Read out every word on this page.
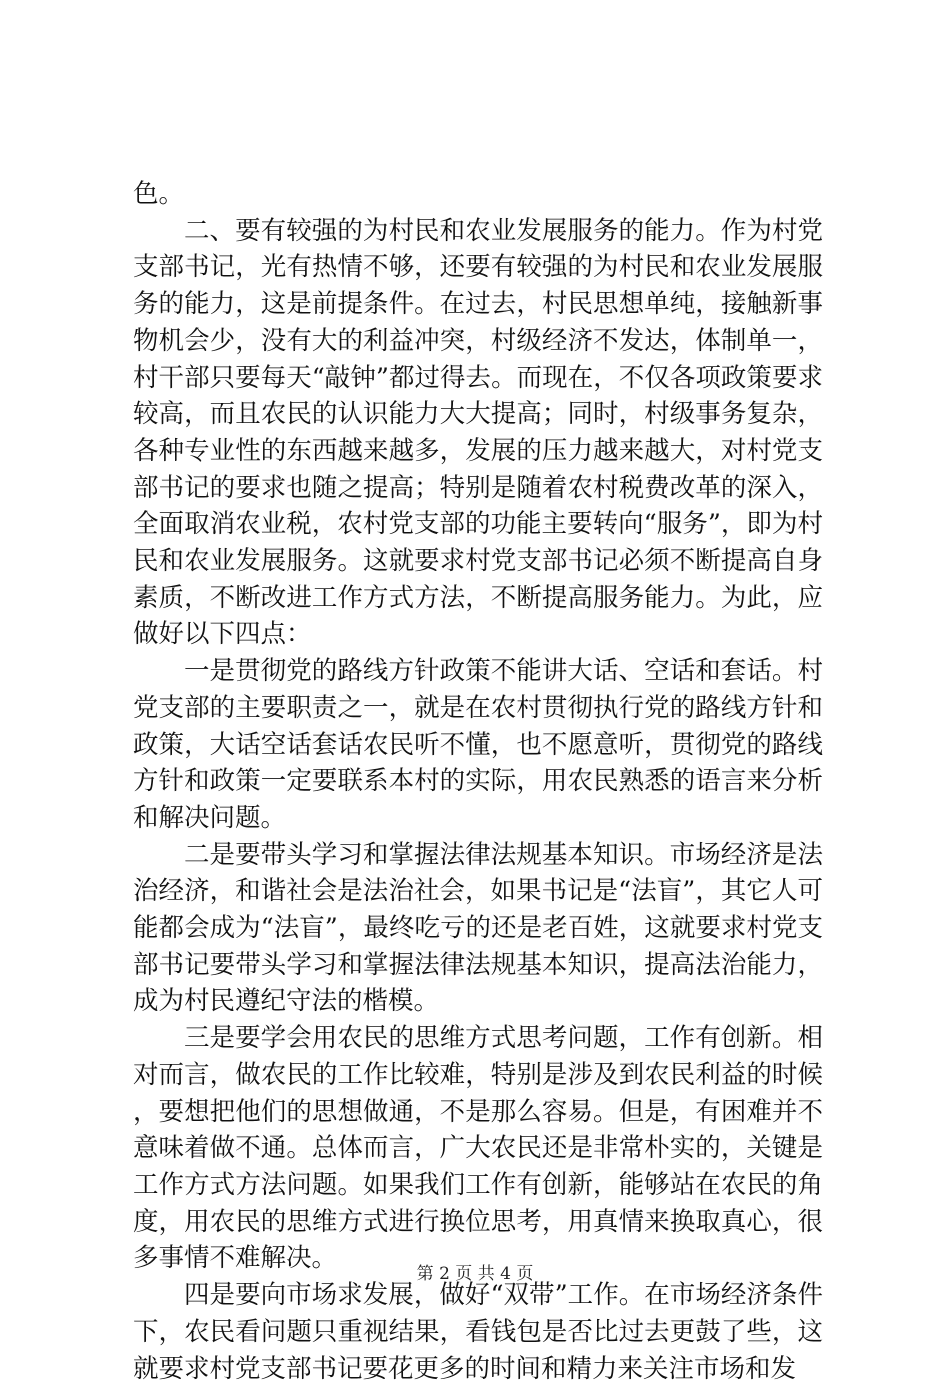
色。

二、要有较强的为村民和农业发展服务的能力。作为村党支部书记，光有热情不够，还要有较强的为村民和农业发展服务的能力，这是前提条件。在过去，村民思想单纯，接触新事物机会少，没有大的利益冲突，村级经济不发达，体制单一，村干部只要每天“敲钟”都过得去。而现在，不仅各项政策要求较高，而且农民的认识能力大大提高；同时，村级事务复杂，各种专业性的东西越来越多，发展的压力越来越大，对村党支部书记的要求也随之提高；特别是随着农村税费改革的深入，全面取消农业税，农村党支部的功能主要转向“服务”，即为村民和农业发展服务。这就要求村党支部书记必须不断提高自身素质，不断改进工作方式方法，不断提高服务能力。为此，应做好以下四点：

一是贯彻党的路线方针政策不能讲大话、空话和套话。村党支部的主要职责之一，就是在农村贯彻执行党的路线方针和政策，大话空话套话农民听不懂，也不愿意听，贯彻党的路线方针和政策一定要联系本村的实际，用农民熟悉的语言来分析和解决问题。

二是要带头学习和掌握法律法规基本知识。市场经济是法治经济，和谐社会是法治社会，如果书记是“法盲”，其它人可能都会成为“法盲”，最终吃亏的还是老百姓，这就要求村党支部书记要带头学习和掌握法律法规基本知识，提高法治能力，成为村民遵纪守法的楷模。

三是要学会用农民的思维方式思考问题，工作有创新。相对而言，做农民的工作比较难，特别是涉及到农民利益的时候，要想把他们的思想做通，不是那么容易。但是，有困难并不意味着做不通。总体而言，广大农民还是非常朴实的，关键是工作方式方法问题。如果我们工作有创新，能够站在农民的角度，用农民的思维方式进行换位思考，用真情来换取真心，很多事情不难解决。

四是要向市场求发展，做好“双带”工作。在市场经济条件下，农民看问题只重视结果，看钱包是否比过去更鼓了些，这就要求村党支部书记要花更多的时间和精力来关注市场和发

第 2 页 共 4 页
